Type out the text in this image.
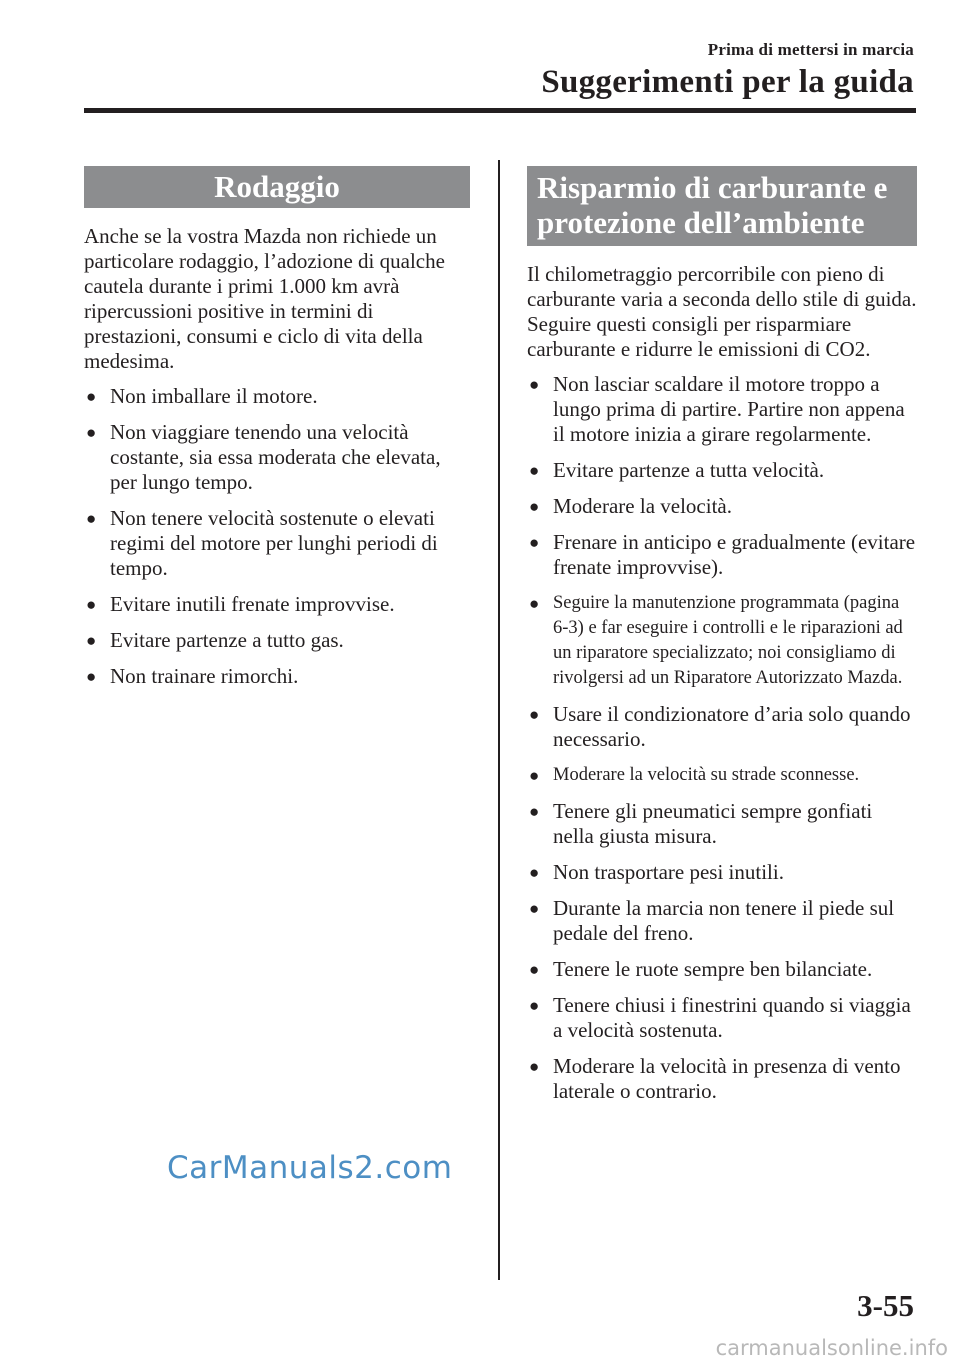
Prima di mettersi in marcia
Suggerimenti per la guida
Rodaggio

Anche se la vostra Mazda non richiede un particolare rodaggio, l’adozione di qualche cautela durante i primi 1.000 km avrà ripercussioni positive in termini di prestazioni, consumi e ciclo di vita della medesima.

● Non imballare il motore.
● Non viaggiare tenendo una velocità costante, sia essa moderata che elevata, per lungo tempo.
● Non tenere velocità sostenute o elevati regimi del motore per lunghi periodi di tempo.
● Evitare inutili frenate improvvise.
● Evitare partenze a tutto gas.
● Non trainare rimorchi.
Risparmio di carburante e
protezione dell’ambiente

Il chilometraggio percorribile con pieno di carburante varia a seconda dello stile di guida. Seguire questi consigli per risparmiare carburante e ridurre le emissioni di CO2.

● Non lasciar scaldare il motore troppo a lungo prima di partire. Partire non appena il motore inizia a girare regolarmente.
● Evitare partenze a tutta velocità.
● Moderare la velocità.
● Frenare in anticipo e gradualmente (evitare frenate improvvise).
● Seguire la manutenzione programmata (pagina 6-3) e far eseguire i controlli e le riparazioni ad un riparatore specializzato; noi consigliamo di rivolgersi ad un Riparatore Autorizzato Mazda.
● Usare il condizionatore d’aria solo quando necessario.
● Moderare la velocità su strade sconnesse.
● Tenere gli pneumatici sempre gonfiati nella giusta misura.
● Non trasportare pesi inutili.
● Durante la marcia non tenere il piede sul pedale del freno.
● Tenere le ruote sempre ben bilanciate.
● Tenere chiusi i finestrini quando si viaggia a velocità sostenuta.
● Moderare la velocità in presenza di vento laterale o contrario.
CarManuals2.com
3-55
carmanualsonline.info
